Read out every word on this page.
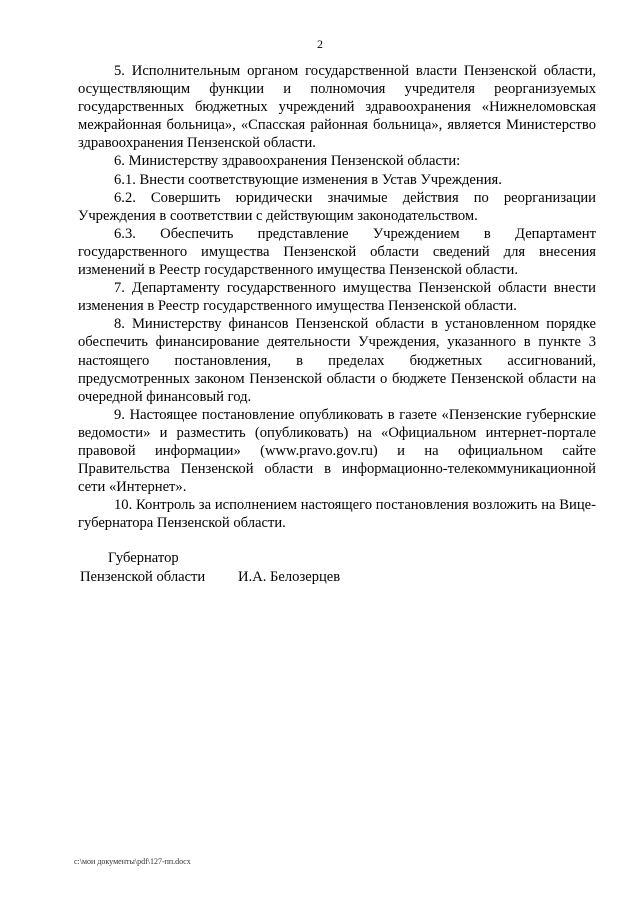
2

5. Исполнительным органом государственной власти Пензенской области, осуществляющим функции и полномочия учредителя реорганизуемых государственных бюджетных учреждений здравоохранения «Нижнеломовская межрайонная больница», «Спасская районная больница», является Министерство здравоохранения Пензенской области.

6. Министерству здравоохранения Пензенской области:

6.1. Внести соответствующие изменения в Устав Учреждения.

6.2. Совершить юридически значимые действия по реорганизации Учреждения в соответствии с действующим законодательством.

6.3. Обеспечить представление Учреждением в Департамент государственного имущества Пензенской области сведений для внесения изменений в Реестр государственного имущества Пензенской области.

7. Департаменту государственного имущества Пензенской области внести изменения в Реестр государственного имущества Пензенской области.

8. Министерству финансов Пензенской области в установленном порядке обеспечить финансирование деятельности Учреждения, указанного в пункте 3 настоящего постановления, в пределах бюджетных ассигнований, предусмотренных законом Пензенской области о бюджете Пензенской области на очередной финансовый год.

9. Настоящее постановление опубликовать в газете «Пензенские губернские ведомости» и разместить (опубликовать) на «Официальном интернет-портале правовой информации» (www.pravo.gov.ru) и на официальном сайте Правительства Пензенской области в информационно-телекоммуникационной сети «Интернет».

10. Контроль за исполнением настоящего постановления возложить на Вице-губернатора Пензенской области.

Губернатор
Пензенской области И.А. Белозерцев
c:\мои документы\pdf\127-пп.docx
